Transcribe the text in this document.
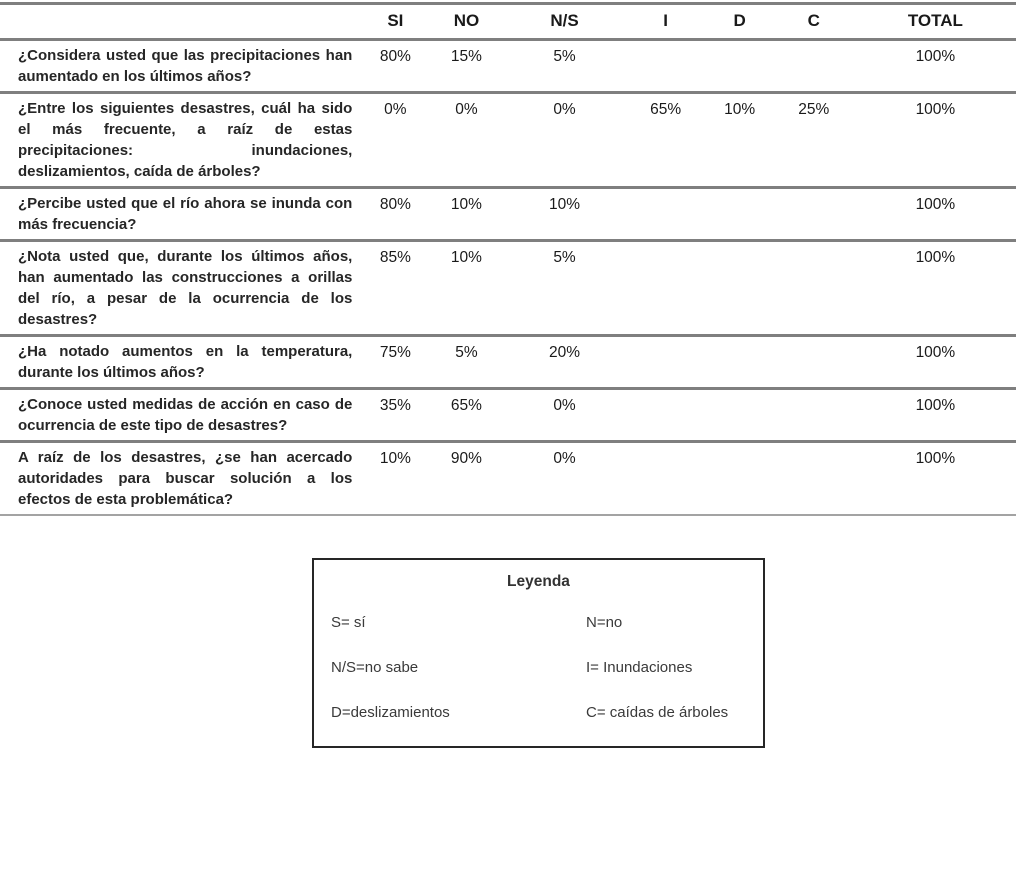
	SI	NO	N/S	I	D	C	TOTAL
¿Considera usted que las precipitaciones han aumentado en los últimos años?	80%	15%	5%				100%
¿Entre los siguientes desastres, cuál ha sido el más frecuente, a raíz de estas precipitaciones: inundaciones, deslizamientos, caída de árboles?	0%	0%	0%	65%	10%	25%	100%
¿Percibe usted que el río ahora se inunda con más frecuencia?	80%	10%	10%				100%
¿Nota usted que, durante los últimos años, han aumentado las construcciones a orillas del río, a pesar de la ocurrencia de los desastres?	85%	10%	5%				100%
¿Ha notado aumentos en la temperatura, durante los últimos años?	75%	5%	20%				100%
¿Conoce usted medidas de acción en caso de ocurrencia de este tipo de desastres?	35%	65%	0%				100%
A raíz de los desastres, ¿se han acercado autoridades para buscar solución a los efectos de esta problemática?	10%	90%	0%				100%
Leyenda
S= sí	N=no
N/S=no sabe	I= Inundaciones
D=deslizamientos	C= caídas de árboles
